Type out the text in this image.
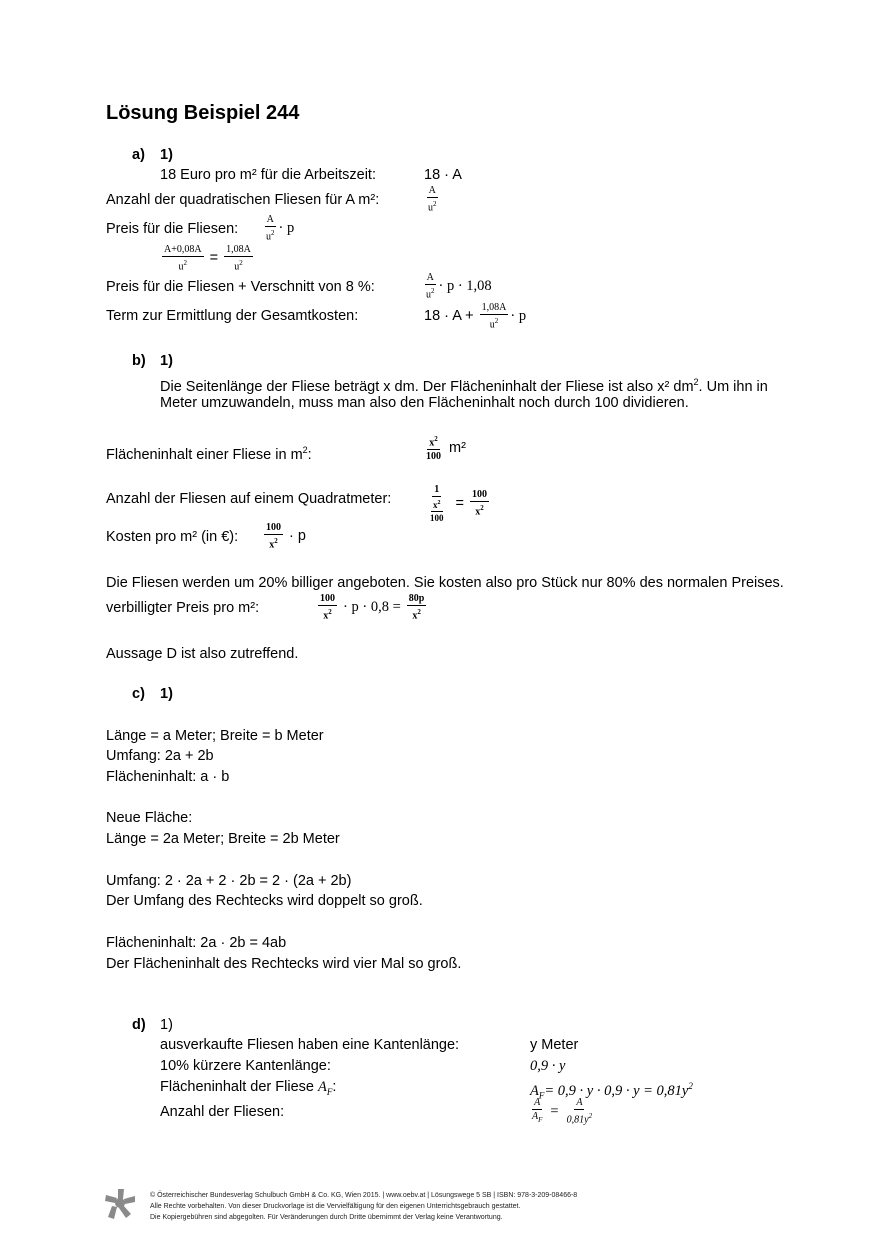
Lösung Beispiel 244
a) 1)
18 Euro pro m² für die Arbeitszeit:	18 · A
Anzahl der quadratischen Fliesen für A m²:	$\frac{A}{u^2}$
Preis für die Fliesen:	$\frac{A}{u^2} \cdot p$
$\frac{A+0,08A}{u^2} = \frac{1,08A}{u^2}$
Preis für die Fliesen + Verschnitt von 8 %:	$\frac{A}{u^2} \cdot p \cdot 1,08$
Term zur Ermittlung der Gesamtkosten:	$18 \cdot A + \frac{1,08A}{u^2} \cdot p$
b) 1)
Die Seitenlänge der Fliese beträgt x dm. Der Flächeninhalt der Fliese ist also x² $dm^2$. Um ihn in
Meter umzuwandeln, muss man also den Flächeninhalt noch durch 100 dividieren.
Flächeninhalt einer Fliese in $m^2$:	$\frac{x^2}{100} m^2$
Anzahl der Fliesen auf einem Quadratmeter:	$\frac{1}{\frac{x^2}{100}} = \frac{100}{x^2}$
Kosten pro m² (in €):	$\frac{100}{x^2} \cdot p$
Die Fliesen werden um 20% billiger angeboten. Sie kosten also pro Stück nur 80% des normalen Preises.
verbilligter Preis pro m²:	$\frac{100}{x^2} \cdot p \cdot 0,8 = \frac{80p}{x^2}$
Aussage D ist also zutreffend.
c) 1)
Länge = a Meter; Breite = b Meter
Umfang: 2a + 2b
Flächeninhalt: a · b
Neue Fläche:
Länge = 2a Meter; Breite = 2b Meter
Umfang: 2 · 2a + 2 · 2b = 2 · (2a + 2b)
Der Umfang des Rechtecks wird doppelt so groß.
Flächeninhalt: 2a · 2b = 4ab
Der Flächeninhalt des Rechtecks wird vier Mal so groß.
d) 1)
ausverkaufte Fliesen haben eine Kantenlänge:	y Meter
10% kürzere Kantenlänge:	0,9 · y
Flächeninhalt der Fliese $A_F$:	$A_F= 0,9 \cdot y \cdot 0,9 \cdot y = 0,81y^2$
Anzahl der Fliesen:	$\frac{A}{A_F} = \frac{A}{0,81y^2}$
© Österreichischer Bundesverlag Schulbuch GmbH & Co. KG, Wien 2015. | www.oebv.at | Lösungswege 5 SB | ISBN: 978-3-209-08466-8
Alle Rechte vorbehalten. Von dieser Druckvorlage ist die Vervielfältigung für den eigenen Unterrichtsgebrauch gestattet.
Die Kopiergebühren sind abgegolten. Für Veränderungen durch Dritte übernimmt der Verlag keine Verantwortung.
